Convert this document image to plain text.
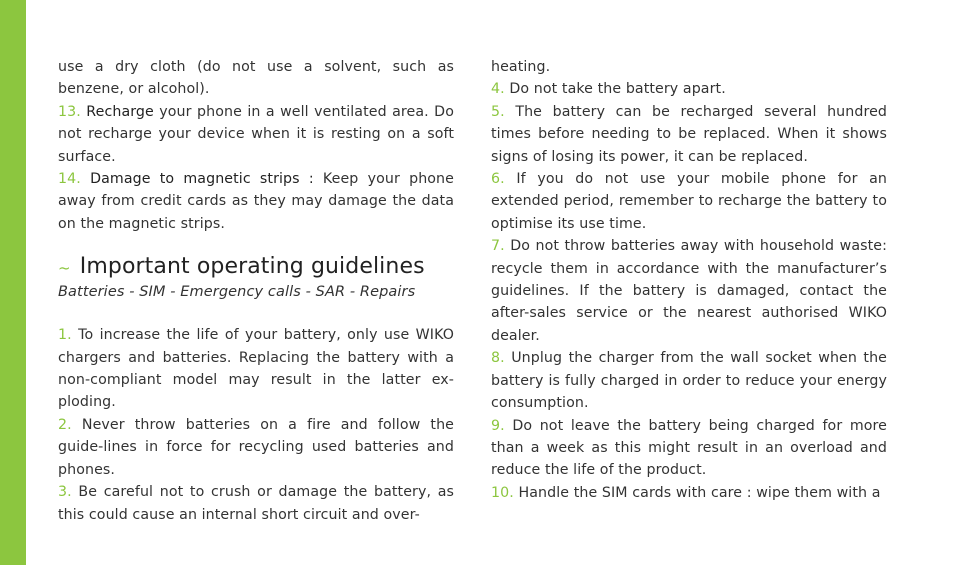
use a dry cloth (do not use a solvent, such as benzene, or alcohol).

13. Recharge your phone in a well ventilated area. Do not recharge your device when it is resting on a soft surface.

14. Damage to magnetic strips : Keep your phone away from credit cards as they may damage the data on the magnetic strips.

~ Important operating guidelines
Batteries - SIM - Emergency calls - SAR - Repairs

1. To increase the life of your battery, only use WIKO chargers and batteries. Replacing the battery with a non-compliant model may result in the latter ex-ploding.

2. Never throw batteries on a fire and follow the guide-lines in force for recycling used batteries and phones.

3. Be careful not to crush or damage the battery, as this could cause an internal short circuit and over-

heating.

4. Do not take the battery apart.

5. The battery can be recharged several hundred times before needing to be replaced. When it shows signs of losing its power, it can be replaced.

6. If you do not use your mobile phone for an extended period, remember to recharge the battery to optimise its use time.

7. Do not throw batteries away with household waste: recycle them in accordance with the manufacturer’s guidelines. If the battery is damaged, contact the after-sales service or the nearest authorised WIKO dealer.

8. Unplug the charger from the wall socket when the battery is fully charged in order to reduce your energy consumption.

9. Do not leave the battery being charged for more than a week as this might result in an overload and reduce the life of the product.

10. Handle the SIM cards with care : wipe them with a
